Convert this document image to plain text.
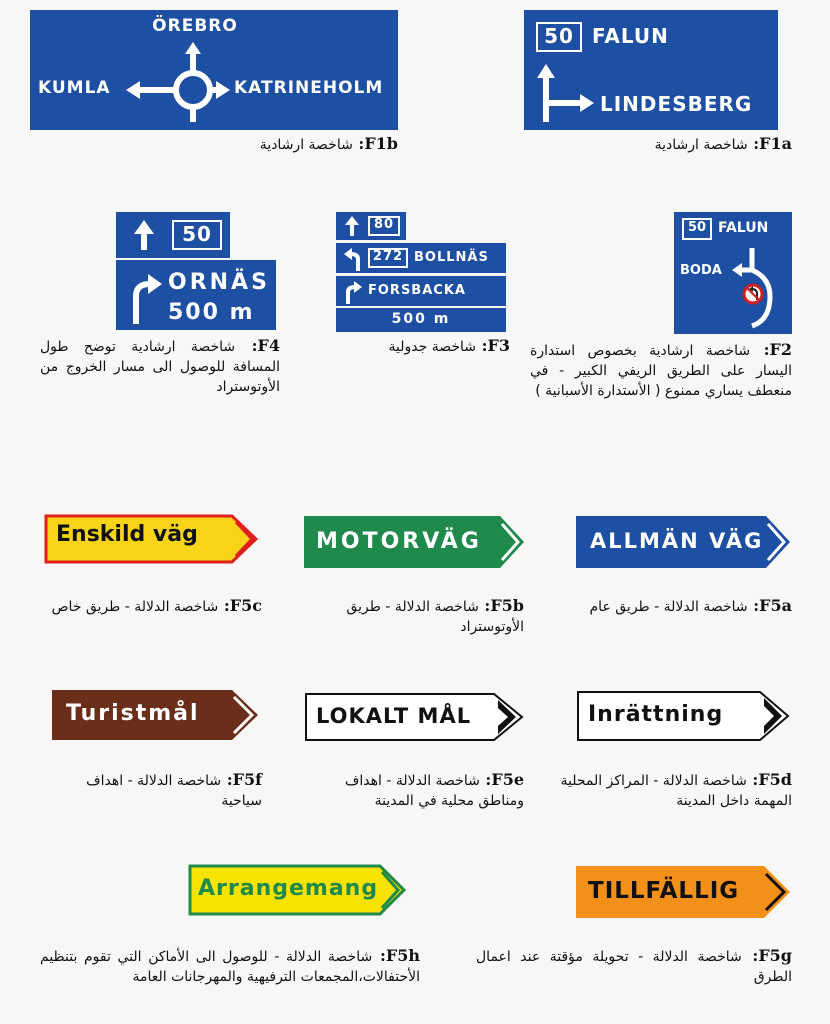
ÖREBRO
KUMLA	KATRINEHOLM
F1b: شاخصة ارشادية
50 FALUN
LINDESBERG
F1a: شاخصة ارشادية
50
ORNÄS
500 m
F4: شاخصة ارشادية توضح طول المسافة للوصول الى مسار الخروج من الأوتوستراد
80
272 BOLLNÄS
FORSBACKA
500 m
F3: شاخصة جدولية
50 FALUN
BODA
F2: شاخصة ارشادية بخصوص استدارة اليسار على الطريق الريفي الكبير - في منعطف يساري ممنوع ( الأستدارة الأسبانية )
Enskild väg	MOTORVÄG	ALLMÄN VÄG
F5c: شاخصة الدلالة - طريق خاص	F5b: شاخصة الدلالة - طريق الأوتوستراد
F5a: شاخصة الدلالة - طريق عام
Turistmål	LOKALT MÅL	Inrättning
F5f: شاخصة الدلالة - اهداف سياحية
F5e: شاخصة الدلالة - اهداف ومناطق محلية في المدينة
F5d: شاخصة الدلالة - المراكز المحلية المهمة داخل المدينة
Arrangemang	TILLFÄLLIG
F5h: شاخصة الدلالة - للوصول الى الأماكن التي تقوم بتنظيم الأحتفالات،المجمعات الترفيهية والمهرجانات العامة
F5g: شاخصة الدلالة - تحويلة مؤقتة عند اعمال الطرق
